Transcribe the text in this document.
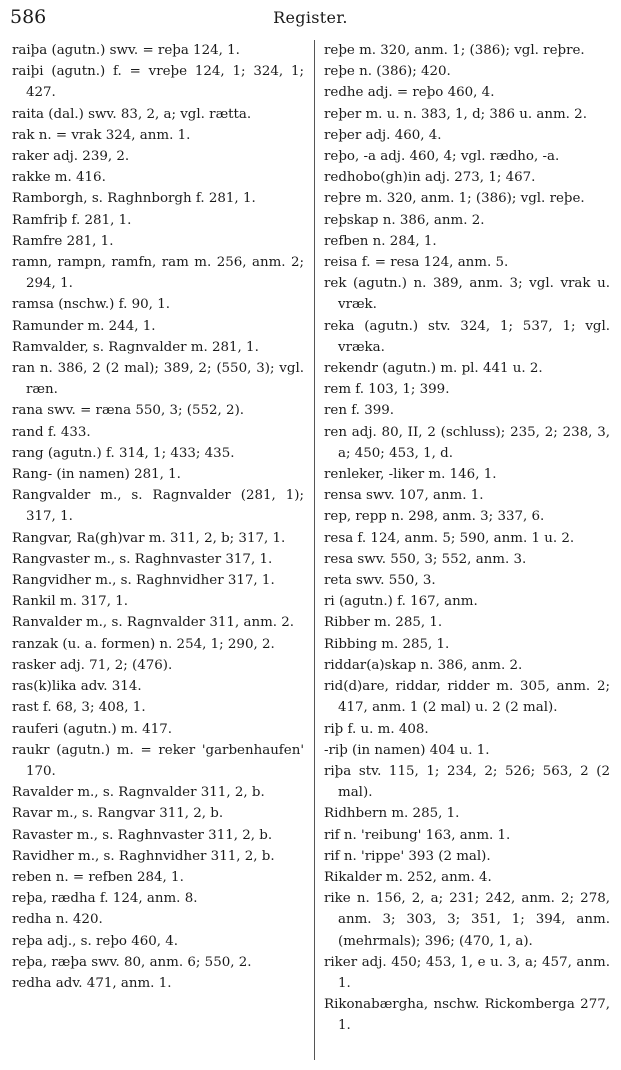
586	Register.

raiþa (agutn.) swv. = reþa 124, 1.

raiþi (agutn.) f. = vreþe 124, 1; 324, 1; 427.

raita (dal.) swv. 83, 2, a; vgl. rætta.

rak n. = vrak 324, anm. 1.

raker adj. 239, 2.

rakke m. 416.

Ramborgh, s. Raghnborgh f. 281, 1.

Ramfriþ f. 281, 1.

Ramfre 281, 1.

ramn, rampn, ramfn, ram m. 256, anm. 2; 294, 1.

ramsa (nschw.) f. 90, 1.

Ramunder m. 244, 1.

Ramvalder, s. Ragnvalder m. 281, 1.

ran n. 386, 2 (2 mal); 389, 2; (550, 3); vgl. ræn.

rana swv. = ræna 550, 3; (552, 2).

rand f. 433.

rang (agutn.) f. 314, 1; 433; 435.

Rang- (in namen) 281, 1.

Rangvalder m., s. Ragnvalder (281, 1); 317, 1.

Rangvar, Ra(gh)var m. 311, 2, b; 317, 1.

Rangvaster m., s. Raghnvaster 317, 1.

Rangvidher m., s. Raghnvidher 317, 1.

Rankil m. 317, 1.

Ranvalder m., s. Ragnvalder 311, anm. 2.

ranzak (u. a. formen) n. 254, 1; 290, 2.

rasker adj. 71, 2; (476).

ras(k)lika adv. 314.

rast f. 68, 3; 408, 1.

rauferi (agutn.) m. 417.

raukr (agutn.) m. = reker 'garbenhaufen' 170.

Ravalder m., s. Ragnvalder 311, 2, b.

Ravar m., s. Rangvar 311, 2, b.

Ravaster m., s. Raghnvaster 311, 2, b.

Ravidher m., s. Raghnvidher 311, 2, b.

reben n. = refben 284, 1.

reþa, rædha f. 124, anm. 8.

redha n. 420.

reþa adj., s. reþo 460, 4.

reþa, ræþa swv. 80, anm. 6; 550, 2.

redha adv. 471, anm. 1.

reþe m. 320, anm. 1; (386); vgl. reþre.

reþe n. (386); 420.

redhe adj. = reþo 460, 4.

reþer m. u. n. 383, 1, d; 386 u. anm. 2.

reþer adj. 460, 4.

reþo, -a adj. 460, 4; vgl. rædho, -a.

redhobo(gh)in adj. 273, 1; 467.

reþre m. 320, anm. 1; (386); vgl. reþe.

reþskap n. 386, anm. 2.

refben n. 284, 1.

reisa f. = resa 124, anm. 5.

rek (agutn.) n. 389, anm. 3; vgl. vrak u. vræk.

reka (agutn.) stv. 324, 1; 537, 1; vgl. vræka.

rekendr (agutn.) m. pl. 441 u. 2.

rem f. 103, 1; 399.

ren f. 399.

ren adj. 80, II, 2 (schluss); 235, 2; 238, 3, a; 450; 453, 1, d.

renleker, -liker m. 146, 1.

rensa swv. 107, anm. 1.

rep, repp n. 298, anm. 3; 337, 6.

resa f. 124, anm. 5; 590, anm. 1 u. 2.

resa swv. 550, 3; 552, anm. 3.

reta swv. 550, 3.

ri (agutn.) f. 167, anm.

Ribber m. 285, 1.

Ribbing m. 285, 1.

riddar(a)skap n. 386, anm. 2.

rid(d)are, riddar, ridder m. 305, anm. 2; 417, anm. 1 (2 mal) u. 2 (2 mal).

riþ f. u. m. 408.

-riþ (in namen) 404 u. 1.

riþa stv. 115, 1; 234, 2; 526; 563, 2 (2 mal).

Ridhbern m. 285, 1.

rif n. 'reibung' 163, anm. 1.

rif n. 'rippe' 393 (2 mal).

Rikalder m. 252, anm. 4.

rike n. 156, 2, a; 231; 242, anm. 2; 278, anm. 3; 303, 3; 351, 1; 394, anm. (mehrmals); 396; (470, 1, a).

riker adj. 450; 453, 1, e u. 3, a; 457, anm. 1.

Rikonabærgha, nschw. Rickomberga 277, 1.
